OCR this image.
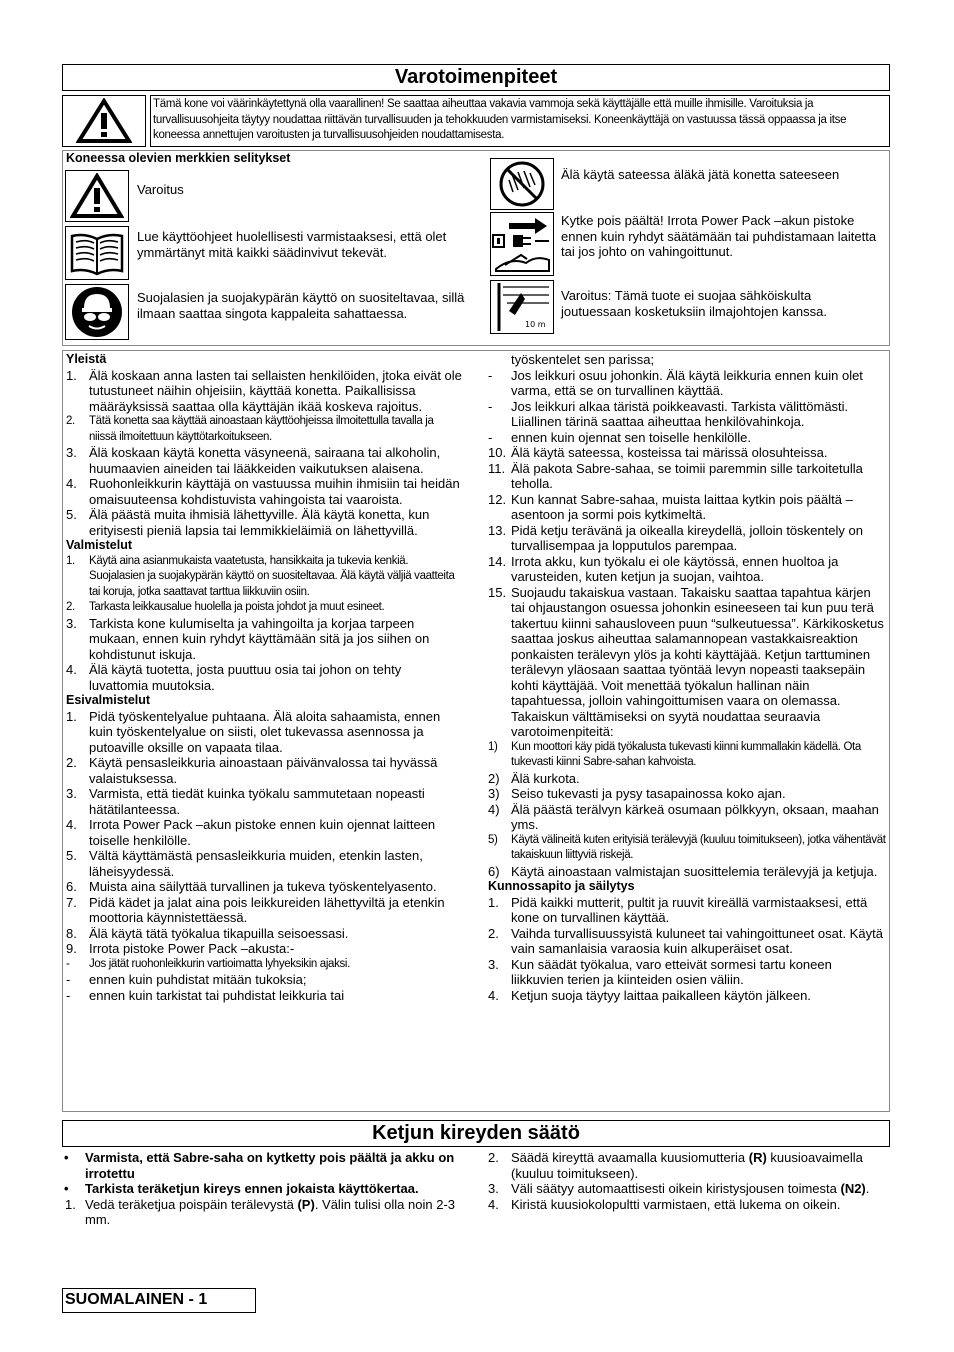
Varotoimenpiteet
Tämä kone voi väärinkäytettynä olla vaarallinen! Se saattaa aiheuttaa vakavia vammoja sekä käyttäjälle että muille ihmisille. Varoituksia ja turvallisuusohjeita täytyy noudattaa riittävän turvallisuuden ja tehokkuuden varmistamiseksi. Koneenkäyttäjä on vastuussa tässä oppaassa ja itse koneessa annettujen varoitusten ja turvallisuusohjeiden noudattamisesta.
Koneessa olevien merkkien selitykset
Varoitus
Lue käyttöohjeet huolellisesti varmistaaksesi, että olet ymmärtänyt mitä kaikki säädinvivut tekevät.
Suojalasien ja suojakypärän käyttö on suositeltavaa, sillä ilmaan saattaa singota kappaleita sahattaessa.
Älä käytä sateessa äläkä jätä konetta sateeseen
Kytke pois päältä! Irrota Power Pack –akun pistoke ennen kuin ryhdyt säätämään tai puhdistamaan laitetta tai jos johto on vahingoittunut.
10 m
Varoitus: Tämä tuote ei suojaa sähköiskulta joutuessaan kosketuksiin ilmajohtojen kanssa.
Yleistä
1. Älä koskaan anna lasten tai sellaisten henkilöiden, jtoka eivät ole tutustuneet näihin ohjeisiin, käyttää konetta. Paikallisissa määräyksissä saattaa olla käyttäjän ikää koskeva rajoitus.
2. Tätä konetta saa käyttää ainoastaan käyttöohjeissa ilmoitettulla tavalla ja niissä ilmoitettuun käyttötarkoitukseen.
3. Älä koskaan käytä konetta väsyneenä, sairaana tai alkoholin, huumaavien aineiden tai lääkkeiden vaikutuksen alaisena.
4. Ruohonleikkurin käyttäjä on vastuussa muihin ihmisiin tai heidän omaisuuteensa kohdistuvista vahingoista tai vaaroista.
5. Älä päästä muita ihmisiä lähettyville. Älä käytä konetta, kun erityisesti pieniä lapsia tai lemmikkieläimiä on lähettyvillä.
Valmistelut
1. Käytä aina asianmukaista vaatetusta, hansikkaita ja tukevia kenkiä. Suojalasien ja suojakypärän käyttö on suositeltavaa. Älä käytä väljiä vaatteita tai koruja, jotka saattavat tarttua liikkuviin osiin.
2. Tarkasta leikkausalue huolella ja poista johdot ja muut esineet.
3. Tarkista kone kulumiselta ja vahingoilta ja korjaa tarpeen mukaan, ennen kuin ryhdyt käyttämään sitä ja jos siihen on kohdistunut iskuja.
4. Älä käytä tuotetta, josta puuttuu osia tai johon on tehty luvattomia muutoksia.
Esivalmistelut
1. Pidä työskentelyalue puhtaana. Älä aloita sahaamista, ennen kuin työskentelyalue on siisti, olet tukevassa asennossa ja putoaville oksille on vapaata tilaa.
2. Käytä pensasleikkuria ainoastaan päivänvalossa tai hyvässä valaistuksessa.
3. Varmista, että tiedät kuinka työkalu sammutetaan nopeasti hätätilanteessa.
4. Irrota Power Pack –akun pistoke ennen kuin ojennat laitteen toiselle henkilölle.
5. Vältä käyttämästä pensasleikkuria muiden, etenkin lasten, läheisyydessä.
6. Muista aina säilyttää turvallinen ja tukeva työskentelyasento.
7. Pidä kädet ja jalat aina pois leikkureiden lähettyviltä ja etenkin moottoria käynnistettäessä.
8. Älä käytä tätä työkalua tikapuilla seisoessasi.
9. Irrota pistoke Power Pack –akusta:-
- Jos jätät ruohonleikkurin vartioimatta lyhyeksikin ajaksi.
- ennen kuin puhdistat mitään tukoksia;
- ennen kuin tarkistat tai puhdistat leikkuria tai
työskentelet sen parissa;
- Jos leikkuri osuu johonkin. Älä käytä leikkuria ennen kuin olet varma, että se on turvallinen käyttää.
- Jos leikkuri alkaa täristä poikkeavasti. Tarkista välittömästi. Liiallinen tärinä saattaa aiheuttaa henkilövahinkoja.
- ennen kuin ojennat sen toiselle henkilölle.
10. Älä käytä sateessa, kosteissa tai märissä olosuhteissa.
11. Älä pakota Sabre-sahaa, se toimii paremmin sille tarkoitetulla teholla.
12. Kun kannat Sabre-sahaa, muista laittaa kytkin pois päältä –asentoon ja sormi pois kytkimeltä.
13. Pidä ketju terävänä ja oikealla kireydellä, jolloin töskentely on turvallisempaa ja lopputulos parempaa.
14. Irrota akku, kun työkalu ei ole käytössä, ennen huoltoa ja varusteiden, kuten ketjun ja suojan, vaihtoa.
15. Suojaudu takaiskua vastaan. Takaisku saattaa tapahtua kärjen tai ohjaustangon osuessa johonkin esineeseen tai kun puu terä takertuu kiinni sahausloveen puun “sulkeutuessa”. Kärkikosketus saattaa joskus aiheuttaa salamannopean vastakkaisreaktion ponkaisten terälevyn ylös ja kohti käyttäjää. Ketjun tarttuminen terälevyn yläosaan saattaa työntää levyn nopeasti taaksepäin kohti käyttäjää. Voit menettää työkalun hallinan näin tapahtuessa, jolloin vahingoittumisen vaara on olemassa. Takaiskun välttämiseksi on syytä noudattaa seuraavia varotoimenpiteitä:
1) Kun moottori käy pidä työkalusta tukevasti kiinni kummallakin kädellä. Ota tukevasti kiinni Sabre-sahan kahvoista.
2) Älä kurkota.
3) Seiso tukevasti ja pysy tasapainossa koko ajan.
4) Älä päästä terälvyn kärkeä osumaan pölkkyyn, oksaan, maahan yms.
5) Käytä välineitä kuten erityisiä terälevyjä (kuuluu toimitukseen), jotka vähentävät takaiskuun liittyviä riskejä.
6) Käytä ainoastaan valmistajan suosittelemia terälevyjä ja ketjuja.
Kunnossapito ja säilytys
1. Pidä kaikki mutterit, pultit ja ruuvit kireällä varmistaaksesi, että kone on turvallinen käyttää.
2. Vaihda turvallisuussyistä kuluneet tai vahingoittuneet osat. Käytä vain samanlaisia varaosia kuin alkuperäiset osat.
3. Kun säädät työkalua, varo etteivät sormesi tartu koneen liikkuvien terien ja kiinteiden osien väliin.
4. Ketjun suoja täytyy laittaa paikalleen käytön jälkeen.
Ketjun kireyden säätö
• Varmista, että Sabre-saha on kytketty pois päältä ja akku on irrotettu
• Tarkista teräketjun kireys ennen jokaista käyttökertaa.
1. Vedä teräketjua poispäin terälevystä (P). Välin tulisi olla noin 2-3 mm.
2. Säädä kireyttä avaamalla kuusiomutteria (R) kuusioavaimella (kuuluu toimitukseen).
3. Väli säätyy automaattisesti oikein kiristysjousen toimesta (N2).
4. Kiristä kuusiokolopultti varmistaen, että lukema on oikein.
SUOMALAINEN - 1
